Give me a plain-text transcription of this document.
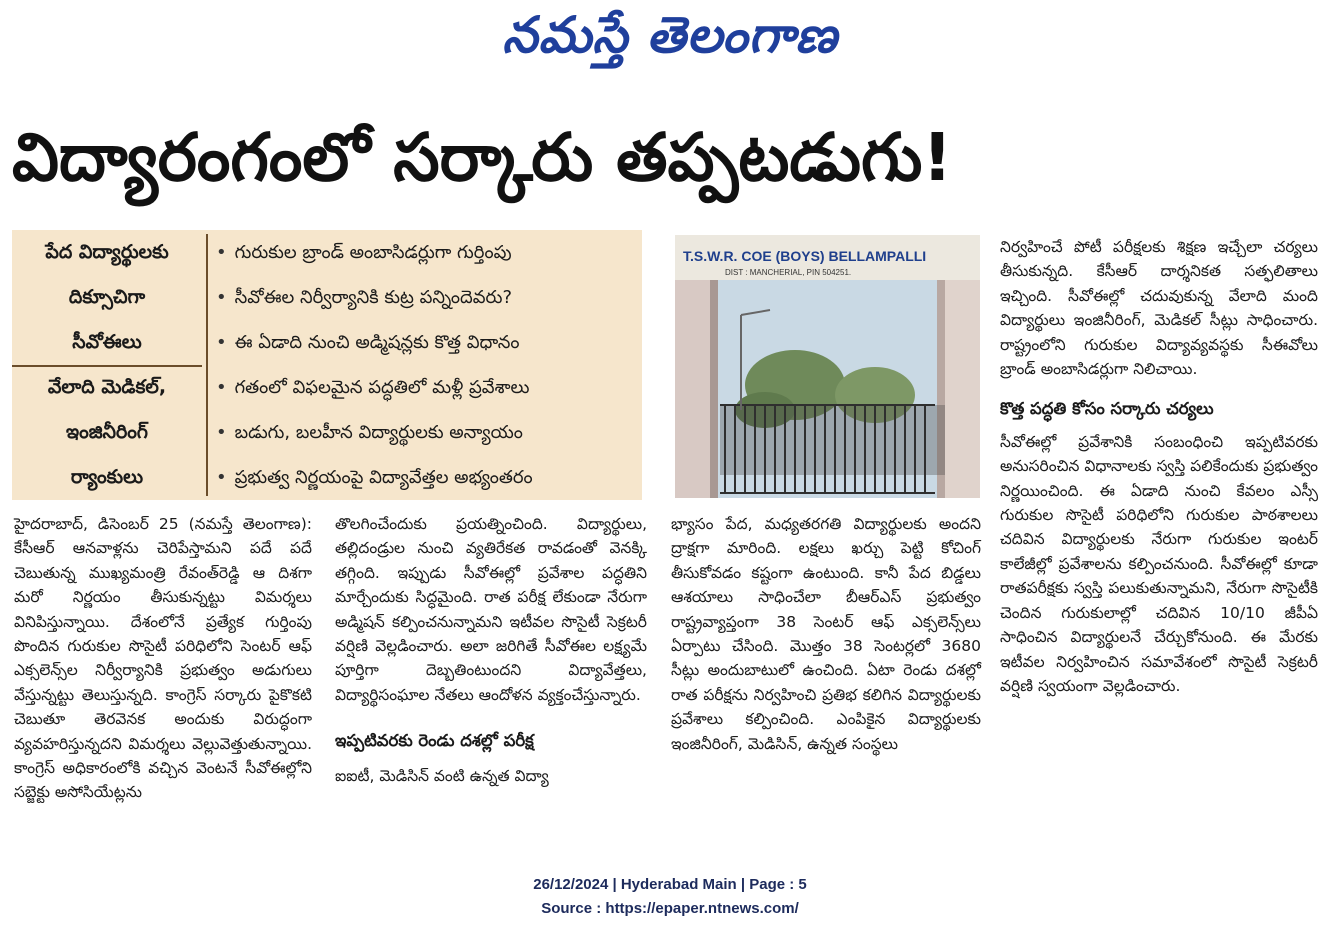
నమస్తే తెలంగాణ
విద్యారంగంలో సర్కారు తప్పటడుగు!
పేద విద్యార్థులకు
దిక్సూచిగా
సీవోఈలు
వేలాది మెడికల్,
ఇంజినీరింగ్
ర్యాంకులు
• గురుకుల బ్రాండ్ అంబాసిడర్లుగా గుర్తింపు
• సీవోఈల నిర్వీర్యానికి కుట్ర పన్నిందెవరు?
• ఈ ఏడాది నుంచి అడ్మిషన్లకు కొత్త విధానం
• గతంలో విఫలమైన పద్ధతిలో మళ్లీ ప్రవేశాలు
• బడుగు, బలహీన విద్యార్థులకు అన్యాయం
• ప్రభుత్వ నిర్ణయంపై విద్యావేత్తల అభ్యంతరం
T.S.W.R. COE (BOYS) BELLAMPALLI
DIST : MANCHERIAL, PIN 504251.

హైదరాబాద్, డిసెంబర్ 25 (నమస్తే తెలంగాణ): కేసీఆర్ ఆనవాళ్లను చెరిపేస్తామని పదే పదే చెబుతున్న ముఖ్యమంత్రి రేవంత్‌రెడ్డి ఆ దిశగా మరో నిర్ణయం తీసుకున్నట్టు విమర్శలు వినిపిస్తున్నాయి. దేశంలోనే ప్రత్యేక గుర్తింపు పొందిన గురుకుల సొసైటీ పరిధిలోని సెంటర్ ఆఫ్ ఎక్సలెన్స్‌ల నిర్వీర్యానికి ప్రభుత్వం అడుగులు వేస్తున్నట్టు తెలుస్తున్నది. కాంగ్రెస్ సర్కారు పైకొకటి చెబుతూ తెరవెనక అందుకు విరుద్ధంగా వ్యవహరిస్తున్నదని విమర్శలు వెల్లువెత్తుతున్నాయి. కాంగ్రెస్ అధికారంలోకి వచ్చిన వెంటనే సీవోఈల్లోని సబ్జెక్టు అసోసియేట్లను

తొలగించేందుకు ప్రయత్నించింది. విద్యార్థులు, తల్లిదండ్రుల నుంచి వ్యతిరేకత రావడంతో వెనక్కి తగ్గింది. ఇప్పుడు సీవోఈల్లో ప్రవేశాల పద్ధతిని మార్చేందుకు సిద్ధమైంది. రాత పరీక్ష లేకుండా నేరుగా అడ్మిషన్ కల్పించనున్నామని ఇటీవల సొసైటీ సెక్రటరీ వర్షిణి వెల్లడించారు. అలా జరిగితే సీవోఈల లక్ష్యమే పూర్తిగా దెబ్బతింటుందని విద్యావేత్తలు, విద్యార్థిసంఘాల నేతలు ఆందోళన వ్యక్తంచేస్తున్నారు.

ఇప్పటివరకు రెండు దశల్లో పరీక్ష

ఐఐటీ, మెడిసిన్ వంటి ఉన్నత విద్యా

భ్యాసం పేద, మధ్యతరగతి విద్యార్థులకు అందని ద్రాక్షగా మారింది. లక్షలు ఖర్చు పెట్టి కోచింగ్ తీసుకోవడం కష్టంగా ఉంటుంది. కానీ పేద బిడ్డలు ఆశయాలు సాధించేలా బీఆర్‌ఎస్ ప్రభుత్వం రాష్ట్రవ్యాప్తంగా 38 సెంటర్ ఆఫ్ ఎక్సలెన్స్‌లు ఏర్పాటు చేసింది. మొత్తం 38 సెంటర్లలో 3680 సీట్లు అందుబాటులో ఉంచింది. ఏటా రెండు దశల్లో రాత పరీక్షను నిర్వహించి ప్రతిభ కలిగిన విద్యార్థులకు ప్రవేశాలు కల్పించింది. ఎంపికైన విద్యార్థులకు ఇంజినీరింగ్, మెడిసిన్, ఉన్నత సంస్థలు

నిర్వహించే పోటీ పరీక్షలకు శిక్షణ ఇచ్చేలా చర్యలు తీసుకున్నది. కేసీఆర్ దార్శనికత సత్ఫలితాలు ఇచ్చింది. సీవోఈల్లో చదువుకున్న వేలాది మంది విద్యార్థులు ఇంజినీరింగ్, మెడికల్ సీట్లు సాధించారు. రాష్ట్రంలోని గురుకుల విద్యావ్యవస్థకు సీఈవోలు బ్రాండ్ అంబాసిడర్లుగా నిలిచాయి.

కొత్త పద్ధతి కోసం సర్కారు చర్యలు

సీవోఈల్లో ప్రవేశానికి సంబంధించి ఇప్పటివరకు అనుసరించిన విధానాలకు స్వస్తి పలికేందుకు ప్రభుత్వం నిర్ణయించింది. ఈ ఏడాది నుంచి కేవలం ఎస్సీ గురుకుల సొసైటీ పరిధిలోని గురుకుల పాఠశాలలు చదివిన విద్యార్థులకు నేరుగా గురుకుల ఇంటర్ కాలేజీల్లో ప్రవేశాలను కల్పించనుంది. సీవోఈల్లో కూడా రాతపరీక్షకు స్వస్తి పలుకుతున్నామని, నేరుగా సొసైటీకి చెందిన గురుకులాల్లో చదివిన 10/10 జీపీఏ సాధించిన విద్యార్థులనే చేర్చుకోనుంది. ఈ మేరకు ఇటీవల నిర్వహించిన సమావేశంలో సొసైటీ సెక్రటరీ వర్షిణి స్వయంగా వెల్లడించారు.

26/12/2024 | Hyderabad Main | Page : 5
Source : https://epaper.ntnews.com/
